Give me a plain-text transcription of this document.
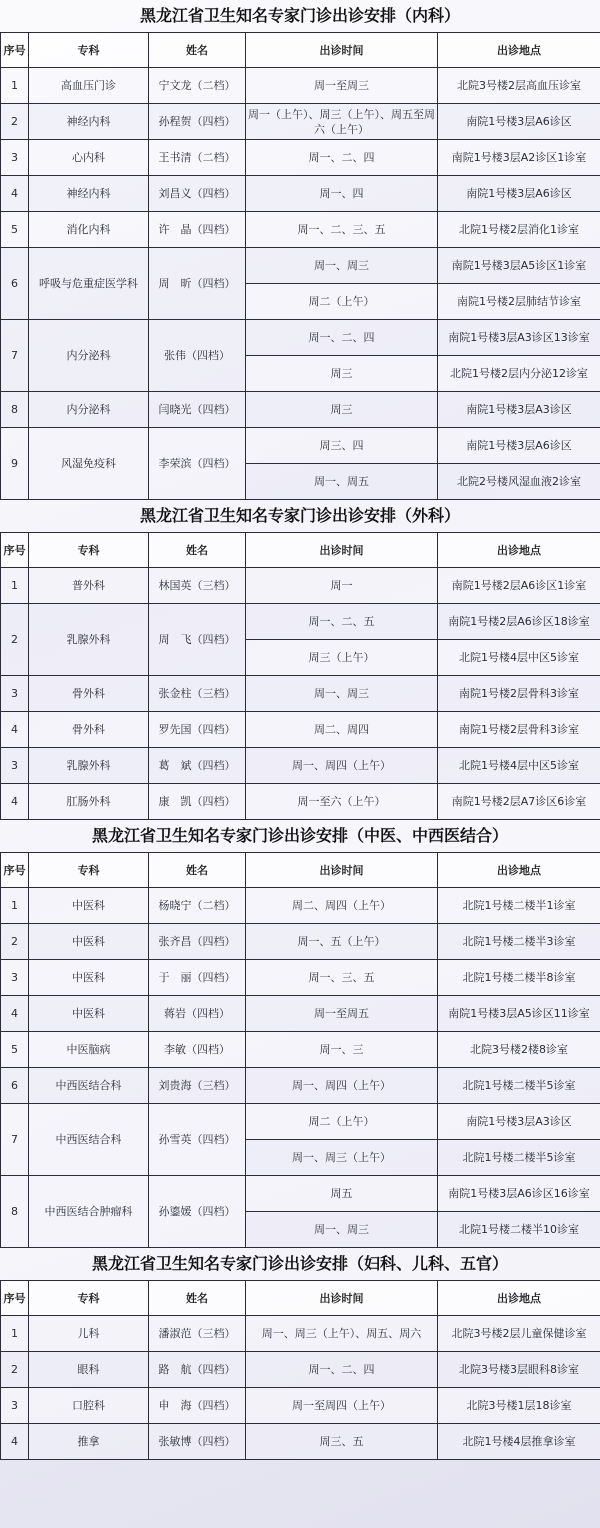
黑龙江省卫生知名专家门诊出诊安排（内科）
序号	专科	姓名	出诊时间	出诊地点
1	高血压门诊	宁文龙（二档）	周一至周三	北院3号楼2层高血压诊室
2	神经内科	孙程贺（四档）	周一（上午）、周三（上午）、周五至周六（上午）	南院1号楼3层A6诊区
3	心内科	王书清（二档）	周一、二、四	南院1号楼3层A2诊区1诊室
4	神经内科	刘昌义（四档）	周一、四	南院1号楼3层A6诊区
5	消化内科	许　晶（四档）	周一、二、三、五	北院1号楼2层消化1诊室
6	呼吸与危重症医学科	周　昕（四档）	周一、周三	南院1号楼3层A5诊区1诊室
			周二（上午）	南院1号楼2层肺结节诊室
7	内分泌科	张伟（四档）	周一、二、四	南院1号楼3层A3诊区13诊室
			周三	北院1号楼2层内分泌12诊室
8	内分泌科	闫晓光（四档）	周三	南院1号楼3层A3诊区
9	风湿免疫科	李荣滨（四档）	周三、四	南院1号楼3层A6诊区
			周一、周五	北院2号楼风湿血液2诊室
黑龙江省卫生知名专家门诊出诊安排（外科）
序号	专科	姓名	出诊时间	出诊地点
1	普外科	林国英（三档）	周一	南院1号楼2层A6诊区1诊室
2	乳腺外科	周　飞（四档）	周一、二、五	南院1号楼2层A6诊区18诊室
			周三（上午）	北院1号楼4层中区5诊室
3	骨外科	张金柱（三档）	周一、周三	南院1号楼2层骨科3诊室
4	骨外科	罗先国（四档）	周二、周四	南院1号楼2层骨科3诊室
3	乳腺外科	葛　斌（四档）	周一、周四（上午）	北院1号楼4层中区5诊室
4	肛肠外科	康　凯（四档）	周一至六（上午）	南院1号楼2层A7诊区6诊室
黑龙江省卫生知名专家门诊出诊安排（中医、中西医结合）
序号	专科	姓名	出诊时间	出诊地点
1	中医科	杨晓宁（二档）	周二、周四（上午）	北院1号楼二楼半1诊室
2	中医科	张齐昌（四档）	周一、五（上午）	北院1号楼二楼半3诊室
3	中医科	于　丽（四档）	周一、三、五	北院1号楼二楼半8诊室
4	中医科	蒋岩（四档）	周一至周五	南院1号楼3层A5诊区11诊室
5	中医脑病	李敏（四档）	周一、三	北院3号楼2楼8诊室
6	中西医结合科	刘贵海（三档）	周一、周四（上午）	北院1号楼二楼半5诊室
7	中西医结合科	孙雪英（四档）	周二（上午）	南院1号楼3层A3诊区
			周一、周三（上午）	北院1号楼二楼半5诊室
8	中西医结合肿瘤科	孙鎏媛（四档）	周五	南院1号楼3层A6诊区16诊室
			周一、周三	北院1号楼二楼半10诊室
黑龙江省卫生知名专家门诊出诊安排（妇科、儿科、五官）
序号	专科	姓名	出诊时间	出诊地点
1	儿科	潘淑范（三档）	周一、周三（上午）、周五、周六	北院3号楼2层儿童保健诊室
2	眼科	路　航（四档）	周一、二、四	北院3号楼3层眼科8诊室
3	口腔科	申　海（四档）	周一至周四（上午）	北院3号楼1层18诊室
4	推拿	张敏博（四档）	周三、五	北院1号楼4层推拿诊室
